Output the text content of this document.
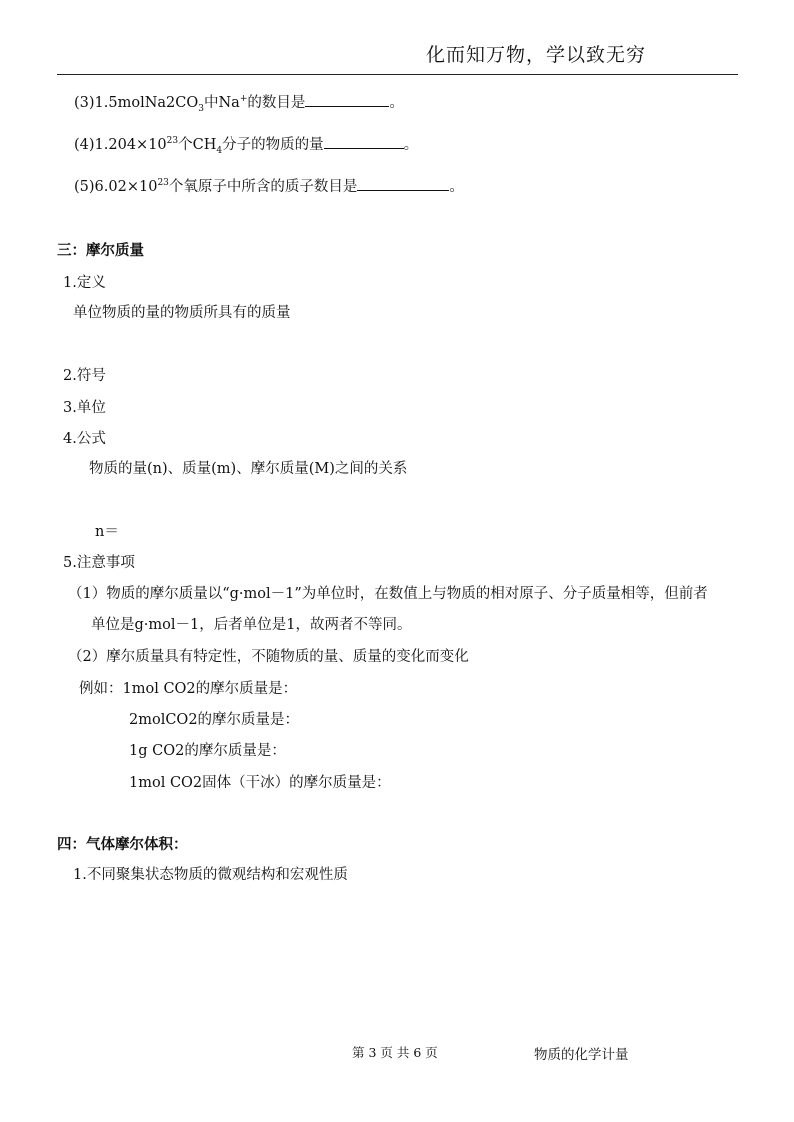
化而知万物，学以致无穷
$(3)1.5molNa2CO_3$中Na+的数目是	。
$(4)1.204\times 10^{23}$个$CH_4$分子的物质的量	。
$(5)6.02\times 10^{23}$个氧原子中所含的质子数目是	。
三：摩尔质量
1.定义
单位物质的量的物质所具有的质量
2.符号
3.单位
4.公式
物质的量(n)、质量(m)、摩尔质量(M)之间的关系
n＝
5.注意事项
（1）物质的摩尔质量以“g·mol－1”为单位时，在数值上与物质的相对原子、分子质量相等，但前者
单位是g·mol－1，后者单位是1，故两者不等同。
（2）摩尔质量具有特定性，不随物质的量、质量的变化而变化
例如：1mol CO2的摩尔质量是：
2molCO2的摩尔质量是：
1g CO2的摩尔质量是：
1mol CO2固体（干冰）的摩尔质量是：
四：气体摩尔体积：
1.不同聚集状态物质的微观结构和宏观性质
第 3 页 共 6 页	物质的化学计量
